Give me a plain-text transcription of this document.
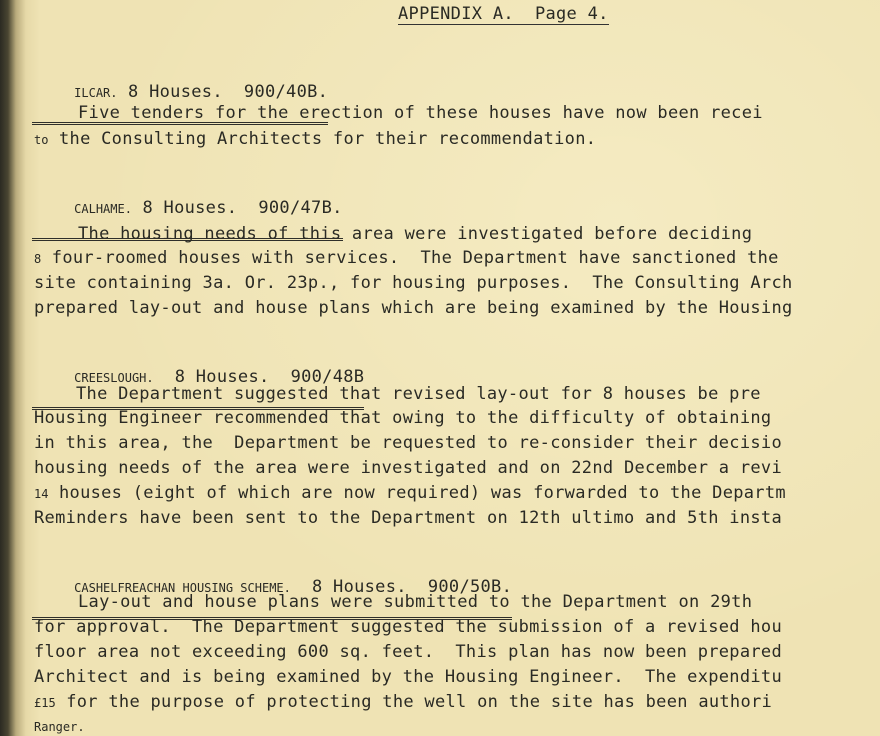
APPENDIX A.  Page 4.

ILCAR. 8 Houses.  900/40B.

Five tenders for the erection of these houses have now been recei
to the Consulting Architects for their recommendation.

CALHAME. 8 Houses.  900/47B.

The housing needs of this area were investigated before deciding
8 four-roomed houses with services.  The Department have sanctioned the
site containing 3a. Or. 23p., for housing purposes.  The Consulting Arch
prepared lay-out and house plans which are being examined by the Housing

CREESLOUGH.  8 Houses.  900/48B

The Department suggested that revised lay-out for 8 houses be pre
Housing Engineer recommended that owing to the difficulty of obtaining
in this area, the  Department be requested to re-consider their decisio
housing needs of the area were investigated and on 22nd December a revi
14 houses (eight of which are now required) was forwarded to the Departm
Reminders have been sent to the Department on 12th ultimo and 5th insta

CASHELFREACHAN HOUSING SCHEME.  8 Houses.  900/50B.

Lay-out and house plans were submitted to the Department on 29th
for approval.  The Department suggested the submission of a revised hou
floor area not exceeding 600 sq. feet.  This plan has now been prepared
Architect and is being examined by the Housing Engineer.  The expenditu
£15 for the purpose of protecting the well on the site has been authori
Ranger.
